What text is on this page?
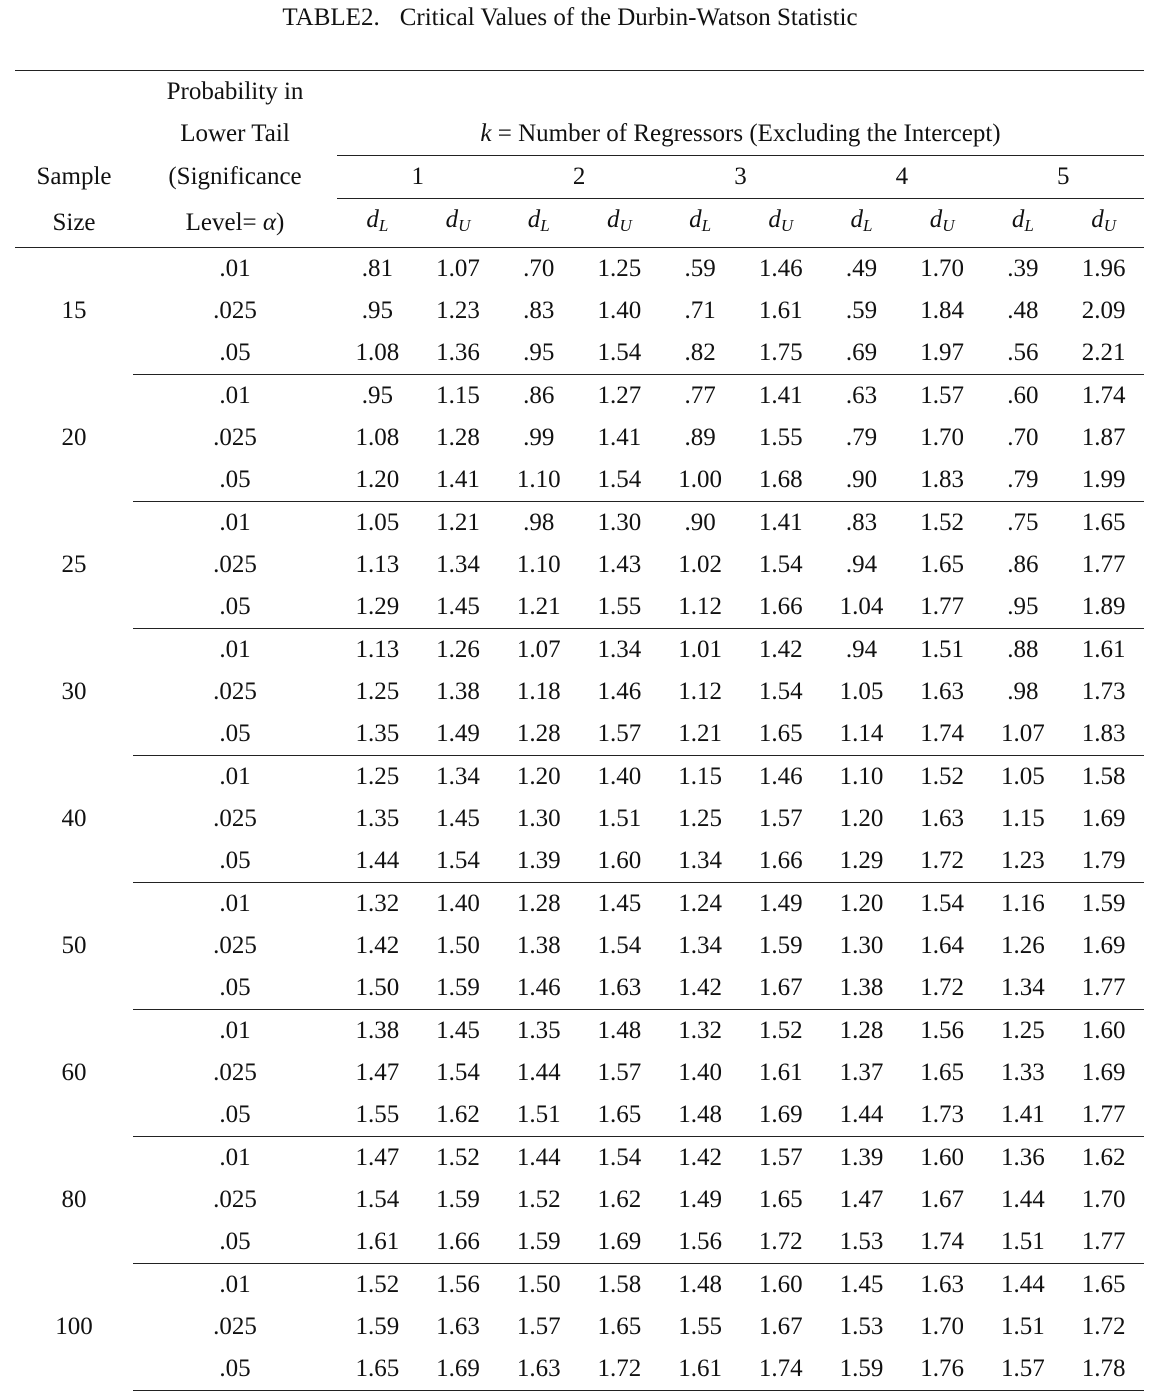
TABLE2. Critical Values of the Durbin-Watson Statistic
	Probability in										
	Lower Tail	k = Number of Regressors (Excluding the Intercept)									
Sample	(Significance	1		2		3		4		5	
Size	Level= α)	$d_L$	$d_U$	$d_L$	$d_U$	$d_L$	$d_U$	$d_L$	$d_U$	$d_L$	$d_U$
15	.01	.81	1.07	.70	1.25	.59	1.46	.49	1.70	.39	1.96
	.025	.95	1.23	.83	1.40	.71	1.61	.59	1.84	.48	2.09
	.05	1.08	1.36	.95	1.54	.82	1.75	.69	1.97	.56	2.21
20	.01	.95	1.15	.86	1.27	.77	1.41	.63	1.57	.60	1.74
	.025	1.08	1.28	.99	1.41	.89	1.55	.79	1.70	.70	1.87
	.05	1.20	1.41	1.10	1.54	1.00	1.68	.90	1.83	.79	1.99
25	.01	1.05	1.21	.98	1.30	.90	1.41	.83	1.52	.75	1.65
	.025	1.13	1.34	1.10	1.43	1.02	1.54	.94	1.65	.86	1.77
	.05	1.29	1.45	1.21	1.55	1.12	1.66	1.04	1.77	.95	1.89
30	.01	1.13	1.26	1.07	1.34	1.01	1.42	.94	1.51	.88	1.61
	.025	1.25	1.38	1.18	1.46	1.12	1.54	1.05	1.63	.98	1.73
	.05	1.35	1.49	1.28	1.57	1.21	1.65	1.14	1.74	1.07	1.83
40	.01	1.25	1.34	1.20	1.40	1.15	1.46	1.10	1.52	1.05	1.58
	.025	1.35	1.45	1.30	1.51	1.25	1.57	1.20	1.63	1.15	1.69
	.05	1.44	1.54	1.39	1.60	1.34	1.66	1.29	1.72	1.23	1.79
50	.01	1.32	1.40	1.28	1.45	1.24	1.49	1.20	1.54	1.16	1.59
	.025	1.42	1.50	1.38	1.54	1.34	1.59	1.30	1.64	1.26	1.69
	.05	1.50	1.59	1.46	1.63	1.42	1.67	1.38	1.72	1.34	1.77
60	.01	1.38	1.45	1.35	1.48	1.32	1.52	1.28	1.56	1.25	1.60
	.025	1.47	1.54	1.44	1.57	1.40	1.61	1.37	1.65	1.33	1.69
	.05	1.55	1.62	1.51	1.65	1.48	1.69	1.44	1.73	1.41	1.77
80	.01	1.47	1.52	1.44	1.54	1.42	1.57	1.39	1.60	1.36	1.62
	.025	1.54	1.59	1.52	1.62	1.49	1.65	1.47	1.67	1.44	1.70
	.05	1.61	1.66	1.59	1.69	1.56	1.72	1.53	1.74	1.51	1.77
100	.01	1.52	1.56	1.50	1.58	1.48	1.60	1.45	1.63	1.44	1.65
	.025	1.59	1.63	1.57	1.65	1.55	1.67	1.53	1.70	1.51	1.72
	.05	1.65	1.69	1.63	1.72	1.61	1.74	1.59	1.76	1.57	1.78
